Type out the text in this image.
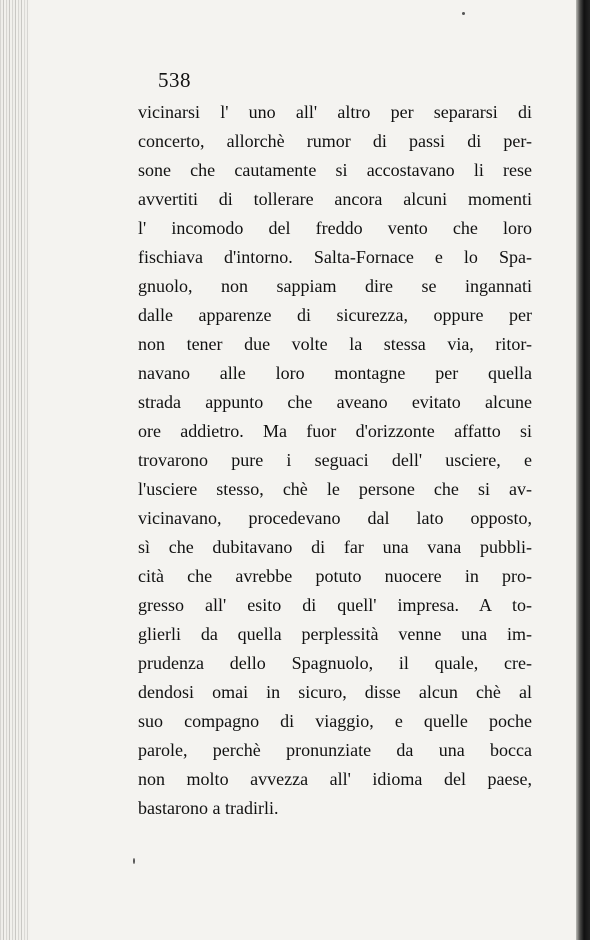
538

vicinarsi l' uno all' altro per separarsi di
concerto, allorchè rumor di passi di per-
sone che cautamente si accostavano li rese
avvertiti di tollerare ancora alcuni momenti
l' incomodo del freddo vento che loro
fischiava d'intorno. Salta-Fornace e lo Spa-
gnuolo, non sappiam dire se ingannati
dalle apparenze di sicurezza, oppure per
non tener due volte la stessa via, ritor-
navano alle loro montagne per quella
strada appunto che aveano evitato alcune
ore addietro. Ma fuor d'orizzonte affatto si
trovarono pure i seguaci dell' usciere, e
l'usciere stesso, chè le persone che si av-
vicinavano, procedevano dal lato opposto,
sì che dubitavano di far una vana pubbli-
cità che avrebbe potuto nuocere in pro-
gresso all' esito di quell' impresa. A to-
glierli da quella perplessità venne una im-
prudenza dello Spagnuolo, il quale, cre-
dendosi omai in sicuro, disse alcun chè al
suo compagno di viaggio, e quelle poche
parole, perchè pronunziate da una bocca
non molto avvezza all' idioma del paese,
bastarono a tradirli.
